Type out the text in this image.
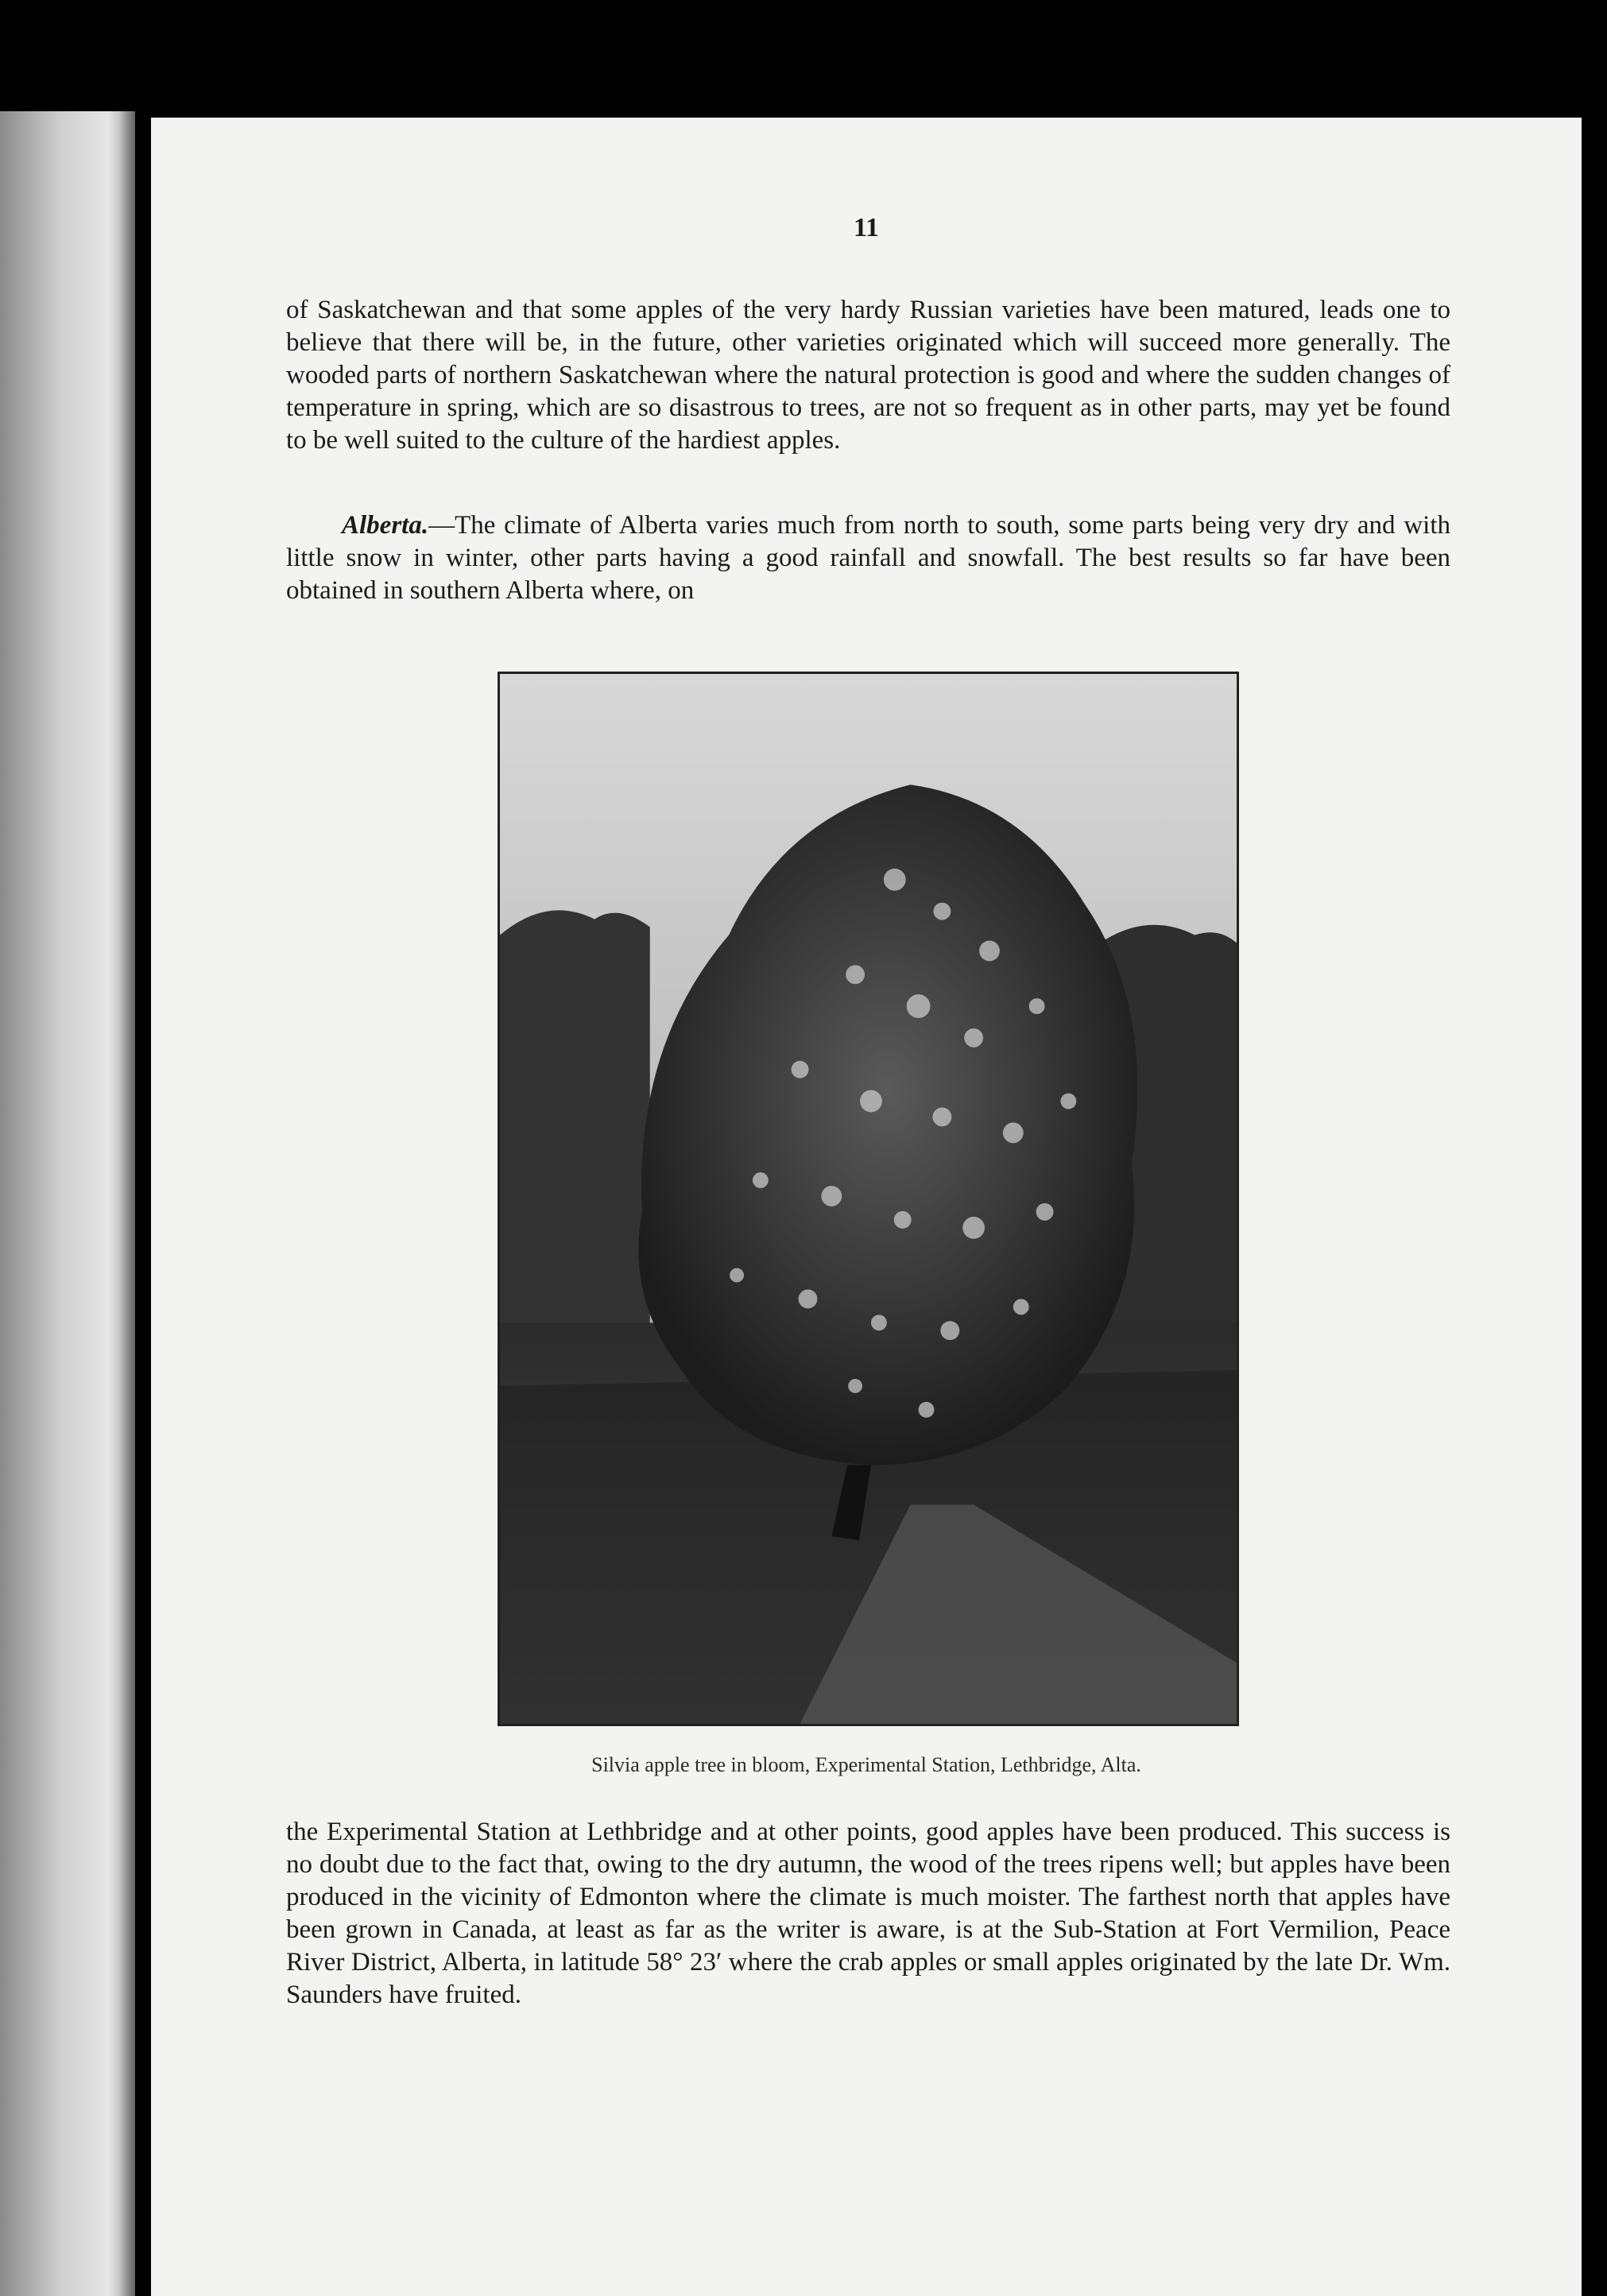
11

of Saskatchewan and that some apples of the very hardy Russian varieties have been matured, leads one to believe that there will be, in the future, other varieties originated which will succeed more generally. The wooded parts of northern Saskatchewan where the natural protection is good and where the sudden changes of temperature in spring, which are so disastrous to trees, are not so frequent as in other parts, may yet be found to be well suited to the culture of the hardiest apples.

Alberta.—The climate of Alberta varies much from north to south, some parts being very dry and with little snow in winter, other parts having a good rainfall and snowfall. The best results so far have been obtained in southern Alberta where, on

Silvia apple tree in bloom, Experimental Station, Lethbridge, Alta.

the Experimental Station at Lethbridge and at other points, good apples have been produced. This success is no doubt due to the fact that, owing to the dry autumn, the wood of the trees ripens well; but apples have been produced in the vicinity of Edmonton where the climate is much moister. The farthest north that apples have been grown in Canada, at least as far as the writer is aware, is at the Sub-Station at Fort Vermilion, Peace River District, Alberta, in latitude 58° 23′ where the crab apples or small apples originated by the late Dr. Wm. Saunders have fruited.
